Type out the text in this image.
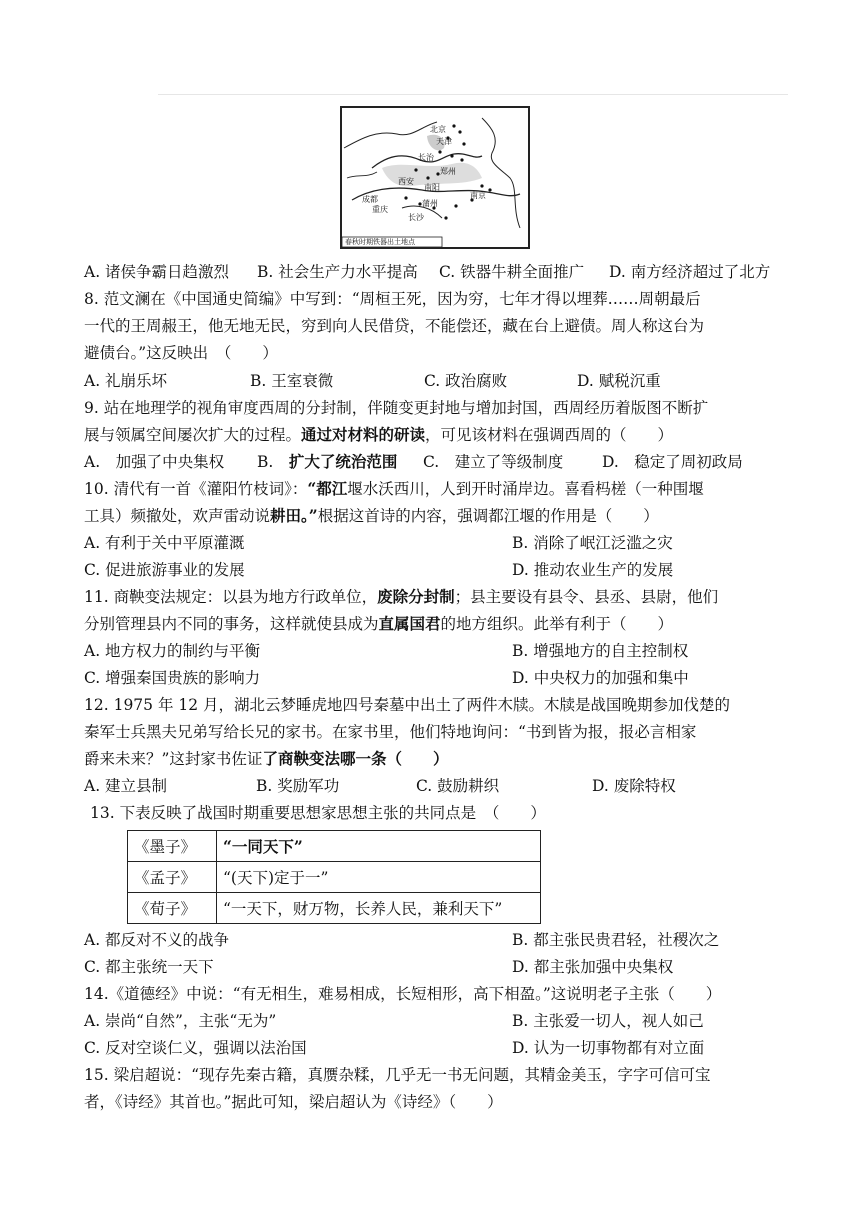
北京
天津
长治
郑州
西安
南阳
成都
重庆
长沙
蒲州
南京
春秋时期铁器出土地点
A. 诸侯争霸日趋激烈 B. 社会生产力水平提高 C. 铁器牛耕全面推广 D. 南方经济超过了北方
8. 范文澜在《中国通史简编》中写到：“周桓王死，因为穷，七年才得以埋葬……周朝最后
一代的王周赧王，他无地无民，穷到向人民借贷，不能偿还，藏在台上避债。周人称这台为
避债台。”这反映出　（　　）
A. 礼崩乐坏	B. 王室衰微	C. 政治腐败	D. 赋税沉重
9. 站在地理学的视角审度西周的分封制，伴随变更封地与增加封国，西周经历着版图不断扩
展与领属空间屡次扩大的过程。通过对材料的研读，可见该材料在强调西周的（　　）
A.　加强了中央集权 B.　扩大了统治范围 C.　建立了等级制度	D.　稳定了周初政局
10. 清代有一首《灌阳竹枝词》：“都江堰水沃西川，人到开时涌岸边。喜看杩槎（一种围堰
工具）频撤处，欢声雷动说耕田。”根据这首诗的内容，强调都江堰的作用是（　　）
A. 有利于关中平原灌溉	B. 消除了岷江泛滥之灾
C. 促进旅游事业的发展	D. 推动农业生产的发展
11. 商鞅变法规定：以县为地方行政单位，废除分封制；县主要设有县令、县丞、县尉，他们
分别管理县内不同的事务，这样就使县成为直属国君的地方组织。此举有利于（　　）
A. 地方权力的制约与平衡	B. 增强地方的自主控制权
C. 增强秦国贵族的影响力	D. 中央权力的加强和集中
12. 1975 年 12 月，湖北云梦睡虎地四号秦墓中出土了两件木牍。木牍是战国晚期参加伐楚的
秦军士兵黑夫兄弟写给长兄的家书。在家书里，他们特地询问：“书到皆为报，报必言相家
爵来未来？”这封家书佐证了商鞅变法哪一条（　　）
A. 建立县制	B. 奖励军功	C. 鼓励耕织	D. 废除特权
13. 下表反映了战国时期重要思想家思想主张的共同点是　（　　）
《墨子》	“一同天下”
《孟子》	“(天下)定于一”
《荀子》	“一天下，财万物，长养人民，兼利天下”
A. 都反对不义的战争	B. 都主张民贵君轻，社稷次之
C. 都主张统一天下	D. 都主张加强中央集权
14.《道德经》中说：“有无相生，难易相成，长短相形，高下相盈。”这说明老子主张（　　）
A. 崇尚“自然”，主张“无为”	B. 主张爱一切人，视人如己
C. 反对空谈仁义，强调以法治国	D. 认为一切事物都有对立面
15. 梁启超说：“现存先秦古籍，真赝杂糅，几乎无一书无问题，其精金美玉，字字可信可宝
者，《诗经》其首也。”据此可知，梁启超认为《诗经》（　　）
